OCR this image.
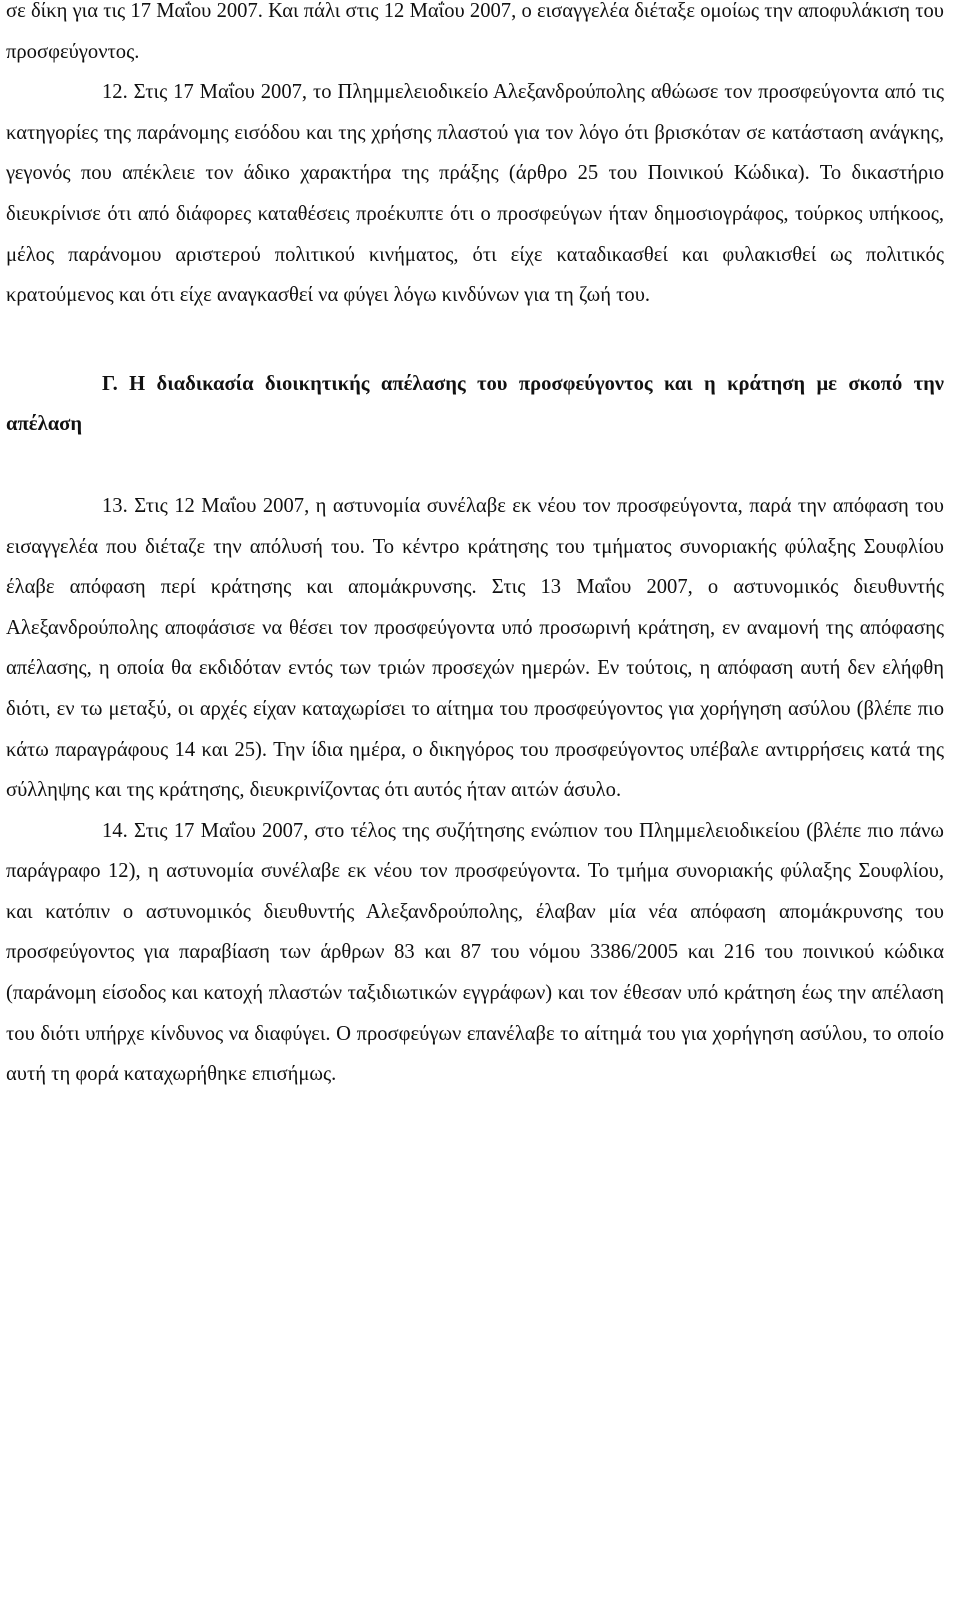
σε δίκη για τις 17 Μαΐου 2007. Και πάλι στις 12 Μαΐου 2007, ο εισαγγελέα διέταξε ομοίως την αποφυλάκιση του προσφεύγοντος.

12. Στις 17 Μαΐου 2007, το Πλημμελειοδικείο Αλεξανδρούπολης αθώωσε τον προσφεύγοντα από τις κατηγορίες της παράνομης εισόδου και της χρήσης πλαστού για τον λόγο ότι βρισκόταν σε κατάσταση ανάγκης, γεγονός που απέκλειε τον άδικο χαρακτήρα της πράξης (άρθρο 25 του Ποινικού Κώδικα). Το δικαστήριο διευκρίνισε ότι από διάφορες καταθέσεις προέκυπτε ότι ο προσφεύγων ήταν δημοσιογράφος, τούρκος υπήκοος, μέλος παράνομου αριστερού πολιτικού κινήματος, ότι είχε καταδικασθεί και φυλακισθεί ως πολιτικός κρατούμενος και ότι είχε αναγκασθεί να φύγει λόγω κινδύνων για τη ζωή του.

Γ. Η διαδικασία διοικητικής απέλασης του προσφεύγοντος και η κράτηση με σκοπό την απέλαση

13. Στις 12 Μαΐου 2007, η αστυνομία συνέλαβε εκ νέου τον προσφεύγοντα, παρά την απόφαση του εισαγγελέα που διέταζε την απόλυσή του. Το κέντρο κράτησης του τμήματος συνοριακής φύλαξης Σουφλίου έλαβε απόφαση περί κράτησης και απομάκρυνσης. Στις 13 Μαΐου 2007, ο αστυνομικός διευθυντής Αλεξανδρούπολης αποφάσισε να θέσει τον προσφεύγοντα υπό προσωρινή κράτηση, εν αναμονή της απόφασης απέλασης, η οποία θα εκδιδόταν εντός των τριών προσεχών ημερών. Εν τούτοις, η απόφαση αυτή δεν ελήφθη διότι, εν τω μεταξύ, οι αρχές είχαν καταχωρίσει το αίτημα του προσφεύγοντος για χορήγηση ασύλου (βλέπε πιο κάτω παραγράφους 14 και 25). Την ίδια ημέρα, ο δικηγόρος του προσφεύγοντος υπέβαλε αντιρρήσεις κατά της σύλληψης και της κράτησης, διευκρινίζοντας ότι αυτός ήταν αιτών άσυλο.

14. Στις 17 Μαΐου 2007, στο τέλος της συζήτησης ενώπιον του Πλημμελειοδικείου (βλέπε πιο πάνω παράγραφο 12), η αστυνομία συνέλαβε εκ νέου τον προσφεύγοντα. Το τμήμα συνοριακής φύλαξης Σουφλίου, και κατόπιν ο αστυνομικός διευθυντής Αλεξανδρούπολης, έλαβαν μία νέα απόφαση απομάκρυνσης του προσφεύγοντος για παραβίαση των άρθρων 83 και 87 του νόμου 3386/2005 και 216 του ποινικού κώδικα (παράνομη είσοδος και κατοχή πλαστών ταξιδιωτικών εγγράφων) και τον έθεσαν υπό κράτηση έως την απέλαση του διότι υπήρχε κίνδυνος να διαφύγει. Ο προσφεύγων επανέλαβε το αίτημά του για χορήγηση ασύλου, το οποίο αυτή τη φορά καταχωρήθηκε επισήμως.
